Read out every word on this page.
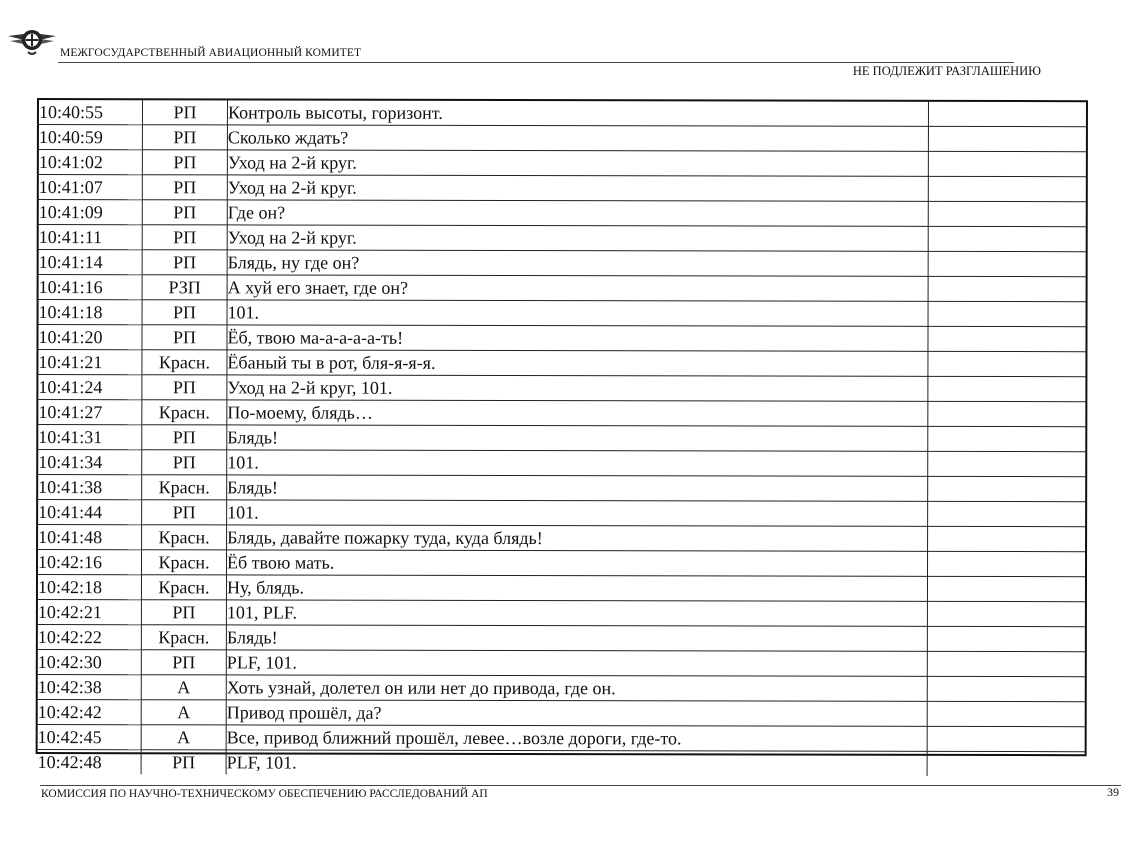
МЕЖГОСУДАРСТВЕННЫЙ АВИАЦИОННЫЙ КОМИТЕТ
НЕ ПОДЛЕЖИТ РАЗГЛАШЕНИЮ
10:40:55	РП	Контроль высоты, горизонт.	
10:40:59	РП	Сколько ждать?	
10:41:02	РП	Уход на 2-й круг.	
10:41:07	РП	Уход на 2-й круг.	
10:41:09	РП	Где он?	
10:41:11	РП	Уход на 2-й круг.	
10:41:14	РП	Блядь, ну где он?	
10:41:16	РЗП	А хуй его знает, где он?	
10:41:18	РП	101.	
10:41:20	РП	Ёб, твою ма-а-а-а-а-ть!	
10:41:21	Красн.	Ёбаный ты в рот, бля-я-я-я.	
10:41:24	РП	Уход на 2-й круг, 101.	
10:41:27	Красн.	По-моему, блядь…	
10:41:31	РП	Блядь!	
10:41:34	РП	101.	
10:41:38	Красн.	Блядь!	
10:41:44	РП	101.	
10:41:48	Красн.	Блядь, давайте пожарку туда, куда блядь!	
10:42:16	Красн.	Ёб твою мать.	
10:42:18	Красн.	Ну, блядь.	
10:42:21	РП	101, PLF.	
10:42:22	Красн.	Блядь!	
10:42:30	РП	PLF, 101.	
10:42:38	А	Хоть узнай, долетел он или нет до привода, где он.	
10:42:42	А	Привод прошёл, да?	
10:42:45	А	Все, привод ближний прошёл, левее…возле дороги, где-то.	
10:42:48	РП	PLF, 101.	
КОМИССИЯ ПО НАУЧНО-ТЕХНИЧЕСКОМУ ОБЕСПЕЧЕНИЮ РАССЛЕДОВАНИЙ АП	39
